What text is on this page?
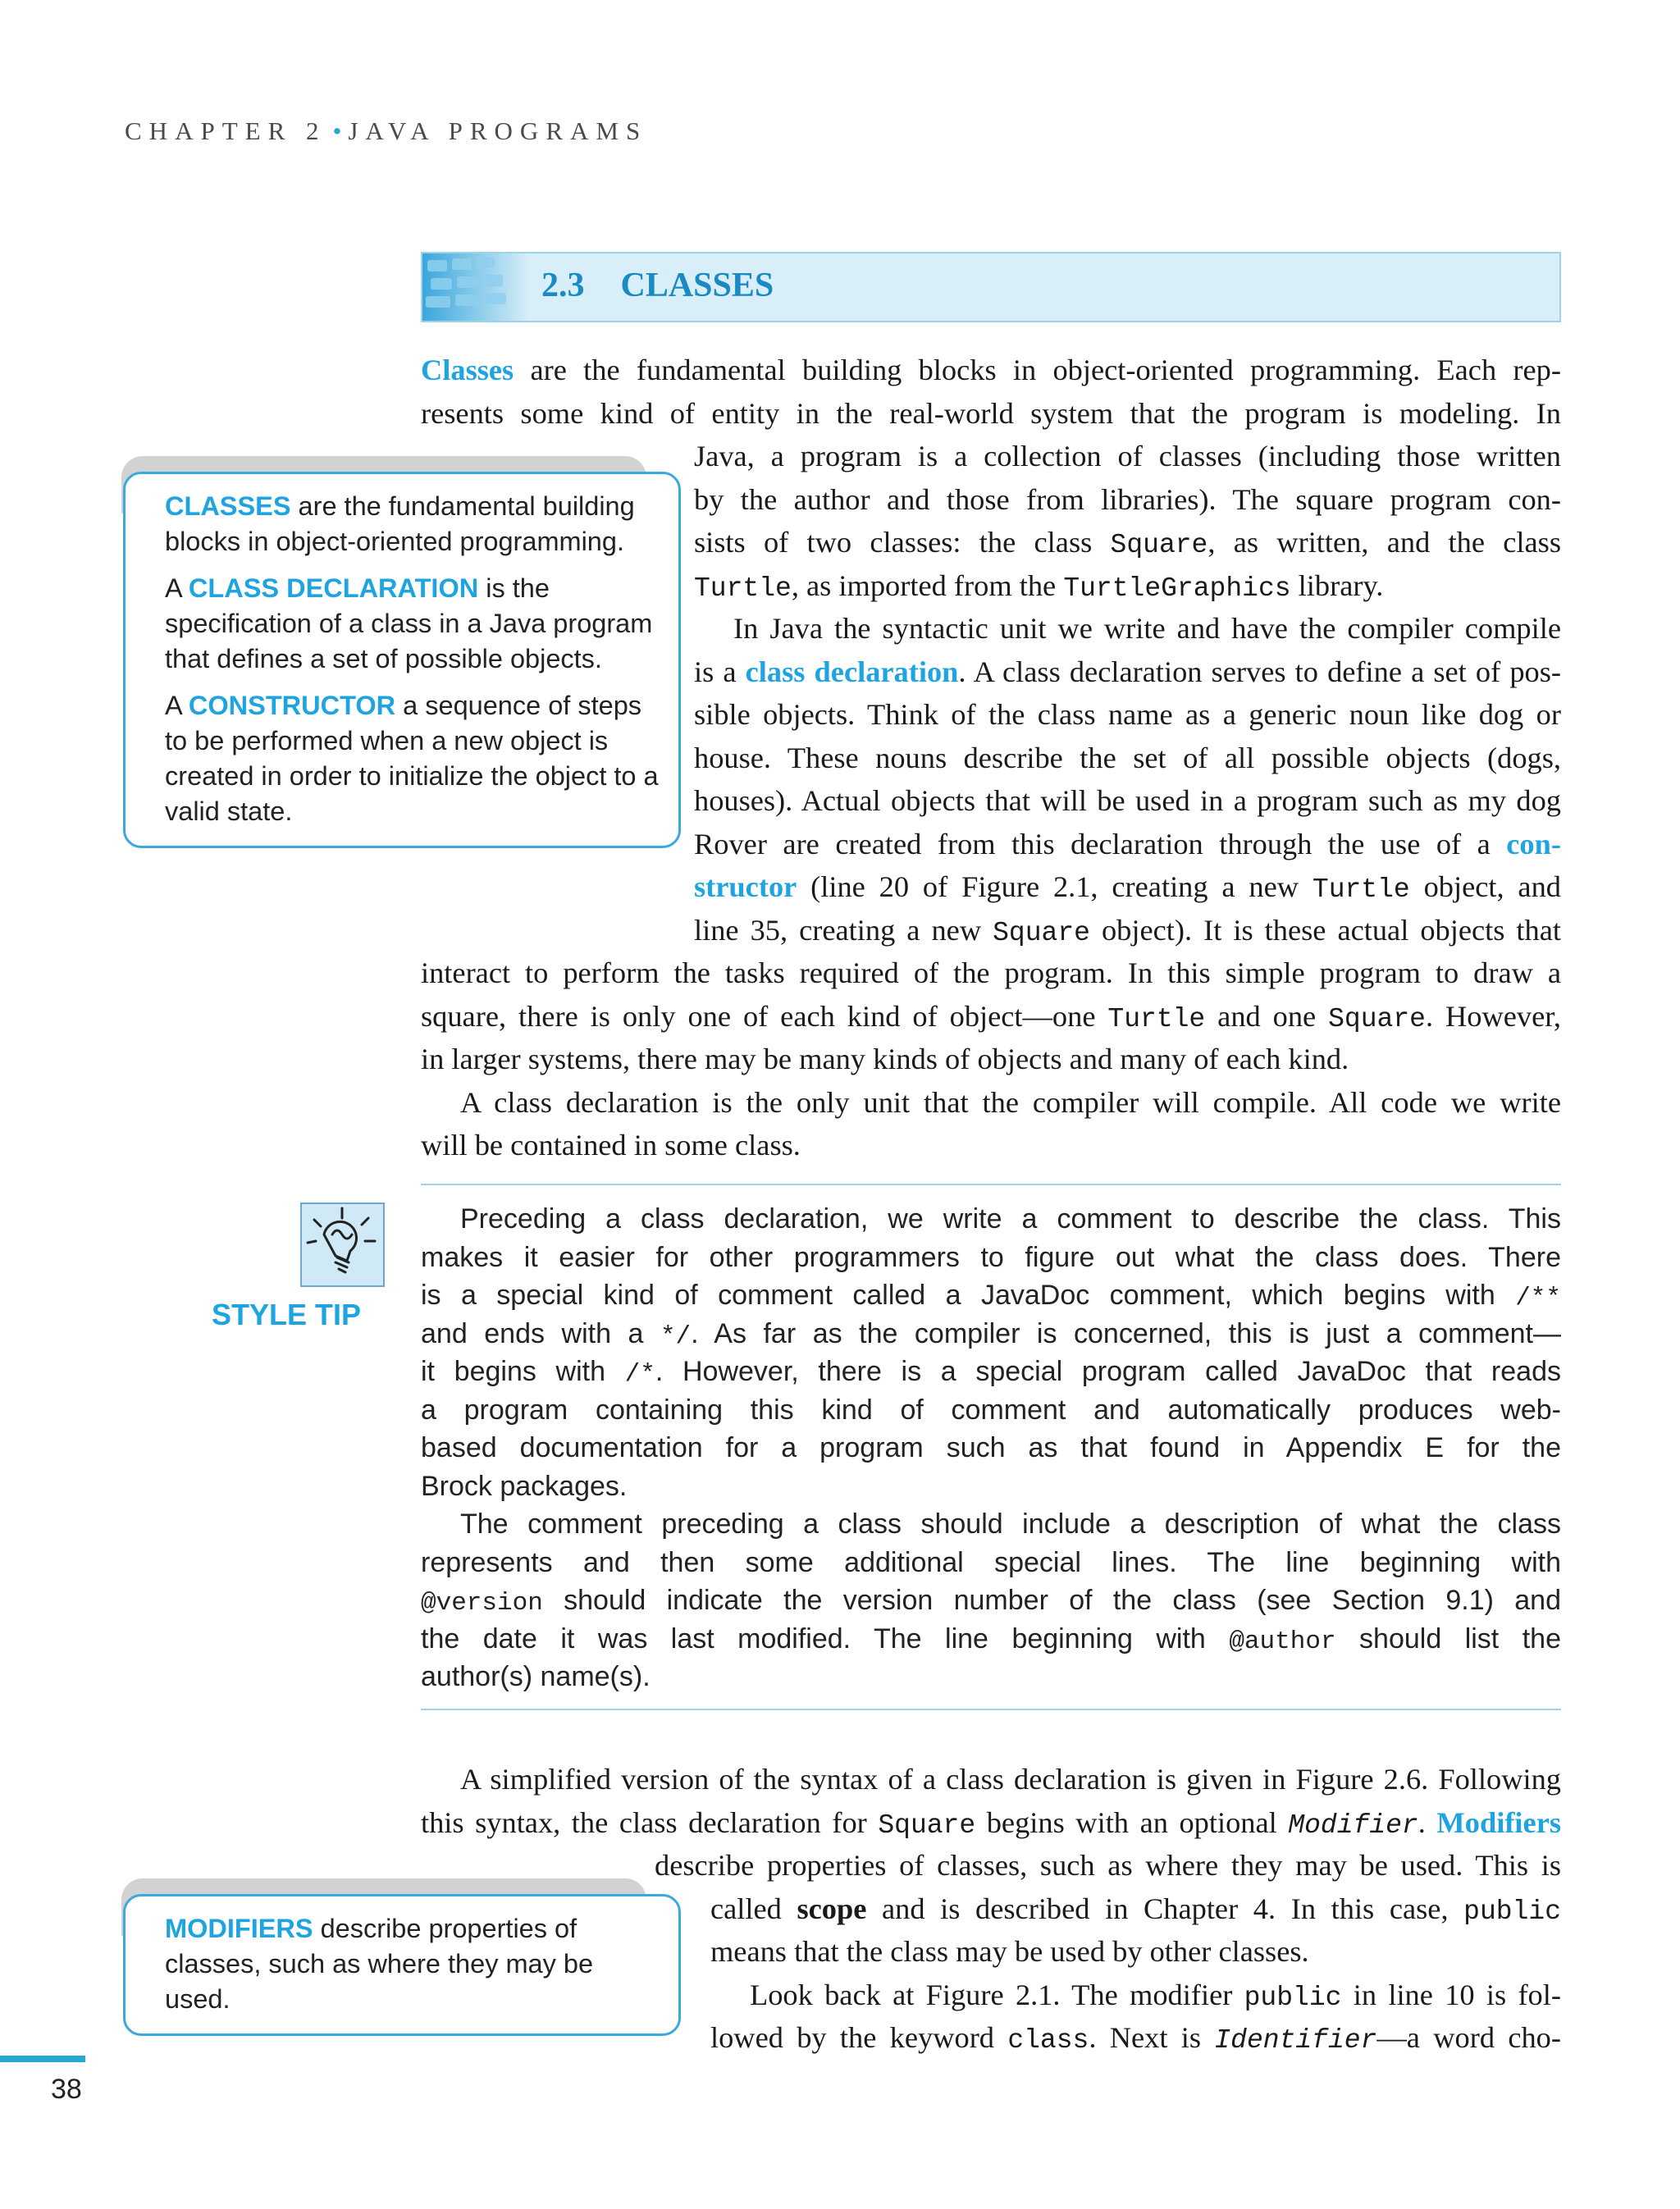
CHAPTER 2 • JAVA PROGRAMS
2.3 CLASSES
Classes are the fundamental building blocks in object-oriented programming. Each rep-
resents some kind of entity in the real-world system that the program is modeling. In
Java, a program is a collection of classes (including those written
by the author and those from libraries). The square program con-
sists of two classes: the class Square, as written, and the class
Turtle, as imported from the TurtleGraphics library.
In Java the syntactic unit we write and have the compiler compile
is a class declaration. A class declaration serves to define a set of pos-
sible objects. Think of the class name as a generic noun like dog or
house. These nouns describe the set of all possible objects (dogs,
houses). Actual objects that will be used in a program such as my dog
Rover are created from this declaration through the use of a con-
structor (line 20 of Figure 2.1, creating a new Turtle object, and
line 35, creating a new Square object). It is these actual objects that
interact to perform the tasks required of the program. In this simple program to draw a
square, there is only one of each kind of object—one Turtle and one Square. However,
in larger systems, there may be many kinds of objects and many of each kind.
A class declaration is the only unit that the compiler will compile. All code we write
will be contained in some class.

CLASSES are the fundamental building blocks in object-oriented programming.

A CLASS DECLARATION is the specification of a class in a Java program that defines a set of possible objects.

A CONSTRUCTOR a sequence of steps to be performed when a new object is created in order to initialize the object to a valid state.

STYLE TIP
Preceding a class declaration, we write a comment to describe the class. This
makes it easier for other programmers to figure out what the class does. There
is a special kind of comment called a JavaDoc comment, which begins with /**
and ends with a */. As far as the compiler is concerned, this is just a comment—
it begins with /*. However, there is a special program called JavaDoc that reads
a program containing this kind of comment and automatically produces web-
based documentation for a program such as that found in Appendix E for the
Brock packages.
The comment preceding a class should include a description of what the class
represents and then some additional special lines. The line beginning with
@version should indicate the version number of the class (see Section 9.1) and
the date it was last modified. The line beginning with @author should list the
author(s) name(s).
A simplified version of the syntax of a class declaration is given in Figure 2.6. Following
this syntax, the class declaration for Square begins with an optional Modifier. Modifiers
describe properties of classes, such as where they may be used. This is
called scope and is described in Chapter 4. In this case, public
means that the class may be used by other classes.
Look back at Figure 2.1. The modifier public in line 10 is fol-
lowed by the keyword class. Next is Identifier—a word cho-

MODIFIERS describe properties of classes, such as where they may be used.

38
